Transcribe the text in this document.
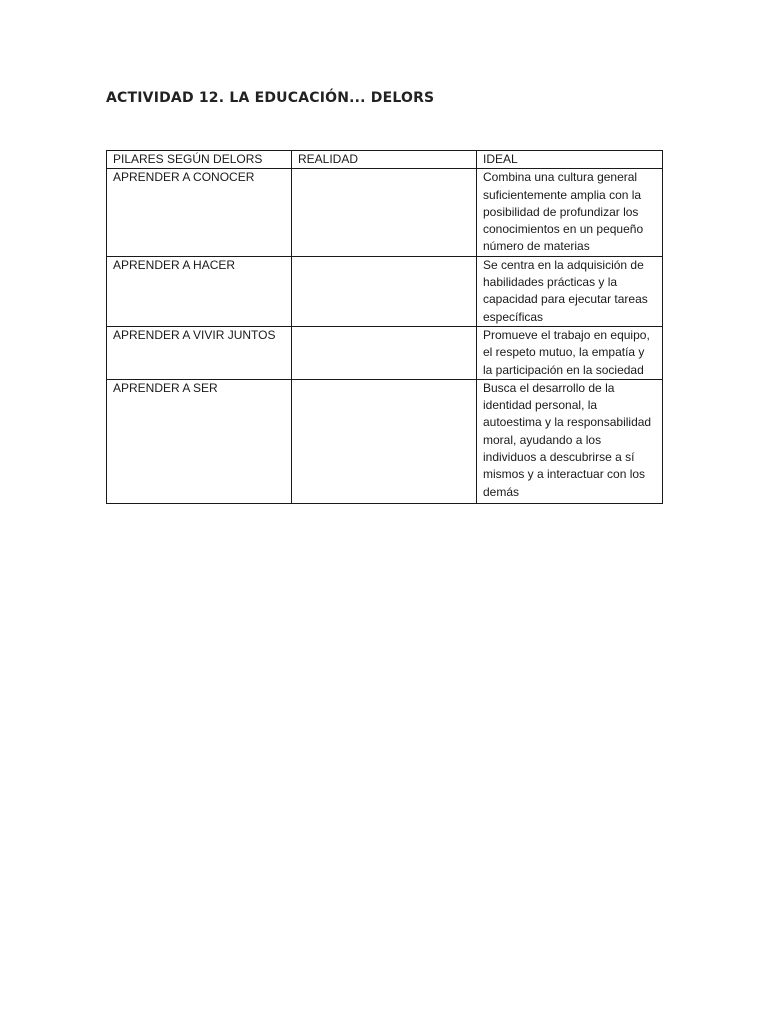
ACTIVIDAD 12. LA EDUCACIÓN... DELORS
PILARES SEGÚN DELORS	REALIDAD	IDEAL
APRENDER A CONOCER		Combina una cultura general suficientemente amplia con la posibilidad de profundizar los conocimientos en un pequeño número de materias
APRENDER A HACER		Se centra en la adquisición de habilidades prácticas y la capacidad para ejecutar tareas específicas
APRENDER A VIVIR JUNTOS		Promueve el trabajo en equipo, el respeto mutuo, la empatía y la participación en la sociedad
APRENDER A SER		Busca el desarrollo de la identidad personal, la autoestima y la responsabilidad moral, ayudando a los individuos a descubrirse a sí mismos y a interactuar con los demás
